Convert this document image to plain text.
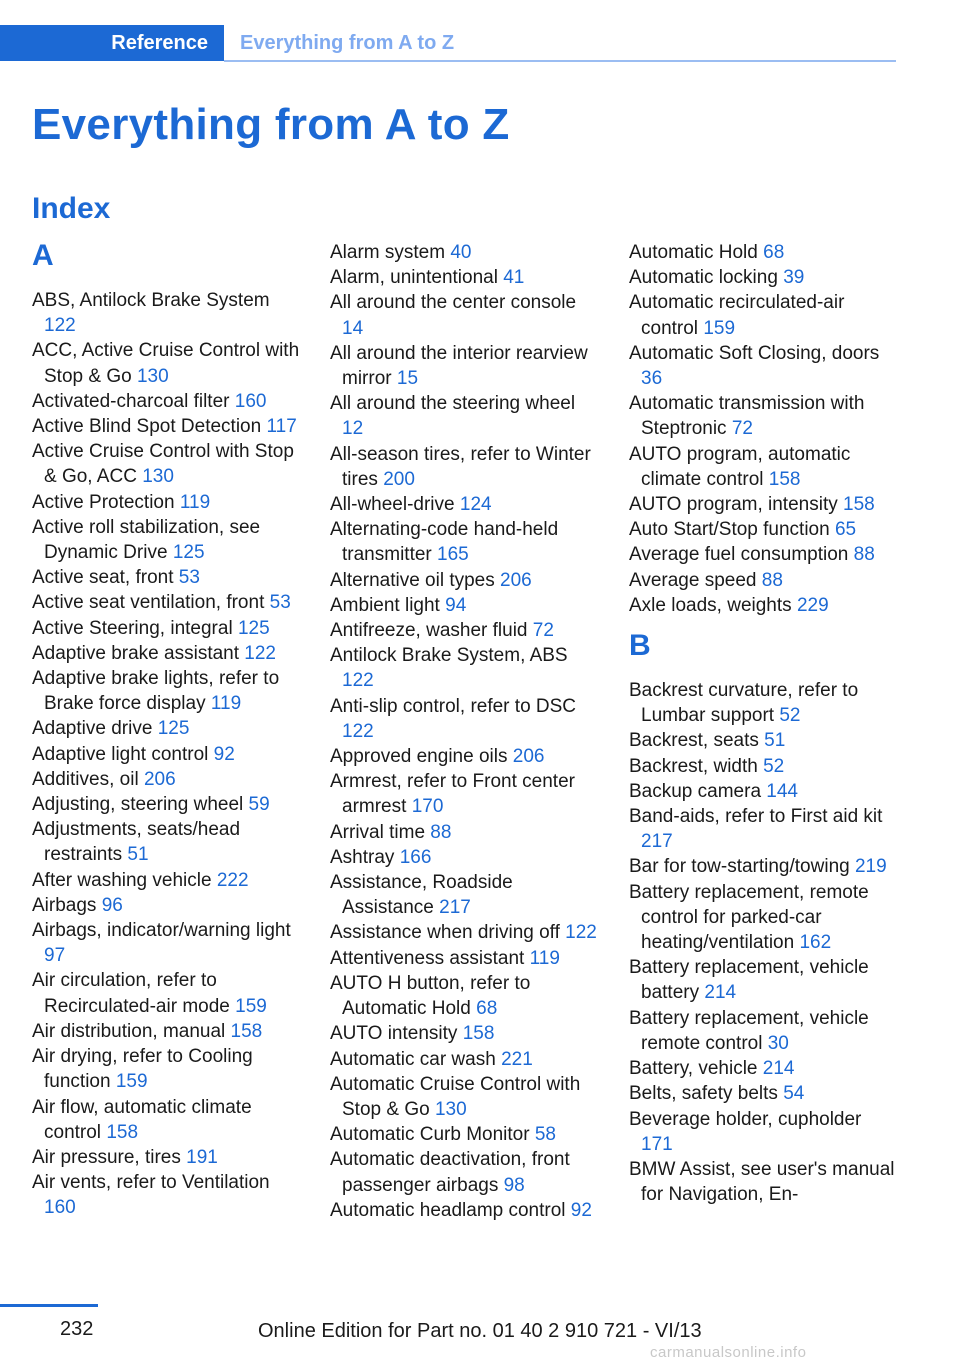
Reference	Everything from A to Z
Everything from A to Z
Index
A
ABS, Antilock Brake System 122
ACC, Active Cruise Control with Stop & Go 130
Activated-charcoal filter 160
Active Blind Spot Detection 117
Active Cruise Control with Stop & Go, ACC 130
Active Protection 119
Active roll stabilization, see Dynamic Drive 125
Active seat, front 53
Active seat ventilation, front 53
Active Steering, integral 125
Adaptive brake assistant 122
Adaptive brake lights, refer to Brake force display 119
Adaptive drive 125
Adaptive light control 92
Additives, oil 206
Adjusting, steering wheel 59
Adjustments, seats/head restraints 51
After washing vehicle 222
Airbags 96
Airbags, indicator/warning light 97
Air circulation, refer to Recirculated-air mode 159
Air distribution, manual 158
Air drying, refer to Cooling function 159
Air flow, automatic climate control 158
Air pressure, tires 191
Air vents, refer to Ventilation 160
Alarm system 40
Alarm, unintentional 41
All around the center console 14
All around the interior rearview mirror 15
All around the steering wheel 12
All-season tires, refer to Winter tires 200
All-wheel-drive 124
Alternating-code hand-held transmitter 165
Alternative oil types 206
Ambient light 94
Antifreeze, washer fluid 72
Antilock Brake System, ABS 122
Anti-slip control, refer to DSC 122
Approved engine oils 206
Armrest, refer to Front center armrest 170
Arrival time 88
Ashtray 166
Assistance, Roadside Assistance 217
Assistance when driving off 122
Attentiveness assistant 119
AUTO H button, refer to Automatic Hold 68
AUTO intensity 158
Automatic car wash 221
Automatic Cruise Control with Stop & Go 130
Automatic Curb Monitor 58
Automatic deactivation, front passenger airbags 98
Automatic headlamp control 92
Automatic Hold 68
Automatic locking 39
Automatic recirculated-air control 159
Automatic Soft Closing, doors 36
Automatic transmission with Steptronic 72
AUTO program, automatic climate control 158
AUTO program, intensity 158
Auto Start/Stop function 65
Average fuel consumption 88
Average speed 88
Axle loads, weights 229
B
Backrest curvature, refer to Lumbar support 52
Backrest, seats 51
Backrest, width 52
Backup camera 144
Band-aids, refer to First aid kit 217
Bar for tow-starting/towing 219
Battery replacement, remote control for parked-car heating/ventilation 162
Battery replacement, vehicle battery 214
Battery replacement, vehicle remote control 30
Battery, vehicle 214
Belts, safety belts 54
Beverage holder, cupholder 171
BMW Assist, see user's manual for Navigation, En-
232	Online Edition for Part no. 01 40 2 910 721 - VI/13
carmanualsonline.info
